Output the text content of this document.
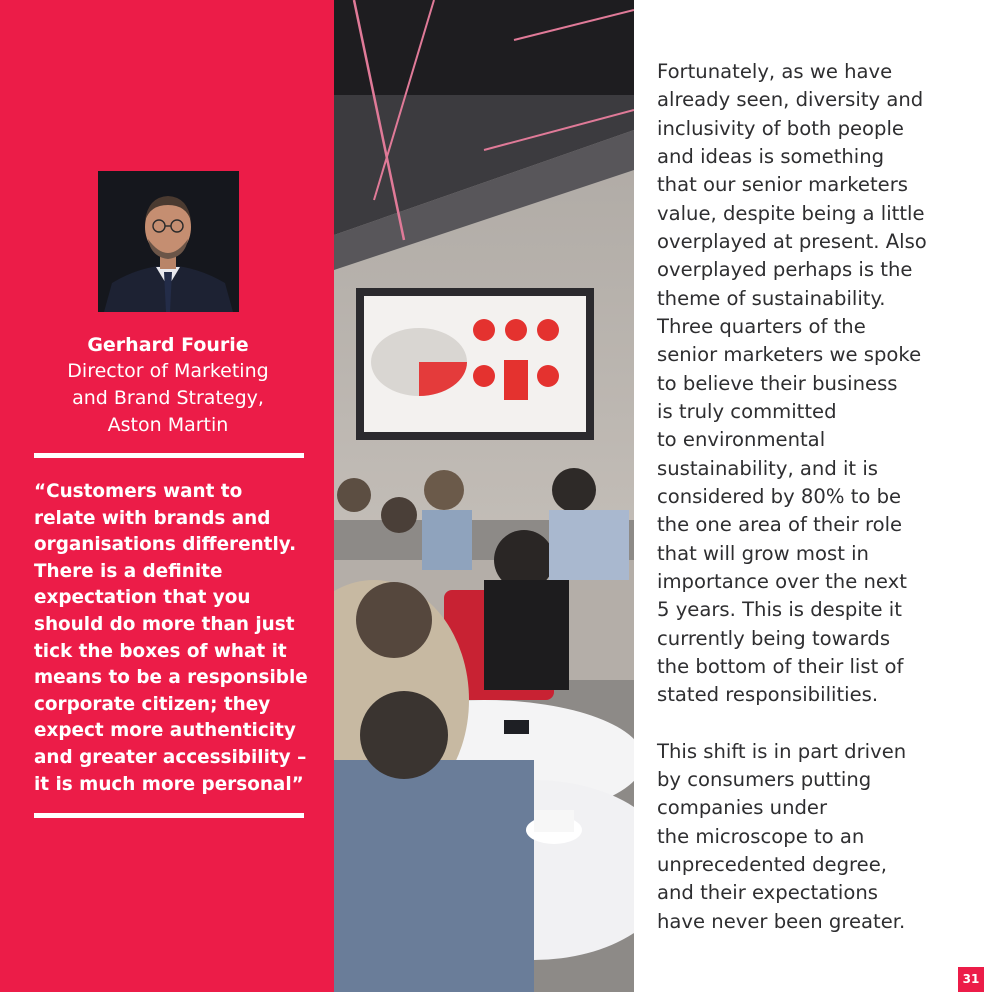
Gerhard Fourie
Director of Marketing
and Brand Strategy,
Aston Martin
“Customers want to
relate with brands and
organisations differently.
There is a definite
expectation that you
should do more than just
tick the boxes of what it
means to be a responsible
corporate citizen; they
expect more authenticity
and greater accessibility –
it is much more personal”
Fortunately, as we have
already seen, diversity and
inclusivity of both people
and ideas is something
that our senior marketers
value, despite being a little
overplayed at present. Also
overplayed perhaps is the
theme of sustainability.
Three quarters of the
senior marketers we spoke
to believe their business
is truly committed
to environmental
sustainability, and it is
considered by 80% to be
the one area of their role
that will grow most in
importance over the next
5 years. This is despite it
currently being towards
the bottom of their list of
stated responsibilities.
This shift is in part driven
by consumers putting
companies under
the microscope to an
unprecedented degree,
and their expectations
have never been greater.
31
